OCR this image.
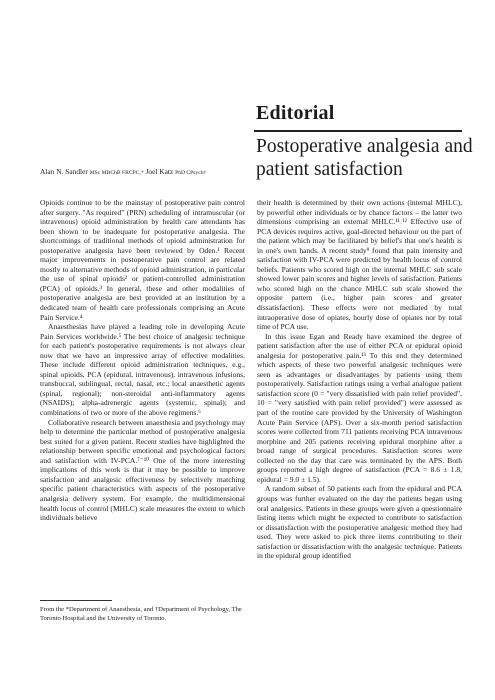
Editorial
Postoperative analgesia and patient satisfaction
Alan N. Sandler MSc MBChB FRCPC,* Joel Katz PhD CPsych†

Opioids continue to be the mainstay of postoperative pain control after surgery. "As required" (PRN) scheduling of intramuscular (or intravenous) opioid administration by health care attendants has been shown to be inadequate for postoperative analgesia. The shortcomings of traditional methods of opioid administration for postoperative analgesia have been reviewed by Oden.¹ Recent major improvements in postoperative pain control are related mostly to alternative methods of opioid administration, in particular the use of spinal opioids² or patient-controlled administration (PCA) of opioids.³ In general, these and other modalities of postoperative analgesia are best provided at an institution by a dedicated team of health care professionals comprising an Acute Pain Service.⁴

Anaesthesias have played a leading role in developing Acute Pain Services worldwide.⁵ The best choice of analgesic technique for each patient's postoperative requirements is not always clear now that we have an impressive array of effective modalities. These include different opioid administration techniques, e.g., spinal opioids, PCA (epidural, intravenous), intravenous infusions, transbuccal, sublingual, rectal, nasal, etc.; local anaesthetic agents (spinal, regional); non-steroidal anti-inflammatory agents (NSAIDS); alpha-adrenergic agents (systemic, spinal); and combinations of two or more of the above regimens.⁶

Collaborative research between anaesthesia and psychology may help to determine the particular method of postoperative analgesia best suited for a given patient. Recent studies have highlighted the relationship between specific emotional and psychological factors and satisfaction with IV-PCA.⁷⁻¹⁰ One of the more interesting implications of this work is that it may be possible to improve satisfaction and analgesic effectiveness by selectively matching specific patient characteristics with aspects of the postoperative analgesia delivery system. For example, the multidimensional health locus of control (MHLC) scale measures the extent to which individuals believe

their health is determined by their own actions (internal MHLC), by powerful other individuals or by chance factors – the latter two dimensions comprising an external MHLC.¹¹˒¹² Effective use of PCA devices requires active, goal-directed behaviour on the part of the patient which may be facilitated by belief's that one's health is in one's own hands. A recent study⁹ found that pain intensity and satisfaction with IV-PCA were predicted by health locus of control beliefs. Patients who scored high on the internal MHLC sub scale showed lower pain scores and higher levels of satisfaction. Patients who scored high on the chance MHLC sub scale showed the opposite pattern (i.e., higher pain scores and greater dissatisfaction). These effects were not mediated by total intraoperative dose of opiates, hourly dose of opiates nor by total time of PCA use.

In this issue Egan and Ready have examined the degree of patient satisfaction after the use of either PCA or epidural opioid analgesia for postoperative pain.¹³ To this end they determined which aspects of these two powerful analgesic techniques were seen as advantages or disadvantages by patients using them postoperatively. Satisfaction ratings using a verbal analogue patient satisfaction score (0 = "very dissatisfied with pain relief provided", 10 = "very satisfied with pain relief provided") were assessed as part of the routine care provided by the University of Washington Acute Pain Service (APS). Over a six-month period satisfaction scores were collected from 711 patients receiving PCA intravenous morphine and 205 patients receiving epidural morphine after a broad range of surgical procedures. Satisfaction scores were collected on the day that care was terminated by the APS. Both groups reported a high degree of satisfaction (PCA = 8.6 ± 1.8, epidural = 9.0 ± 1.5).

A random subset of 50 patients each from the epidural and PCA groups was further evaluated on the day the patients began using oral analgesics. Patients in these groups were given a questionnaire listing items which might be expected to contribute to satisfaction or dissatisfaction with the postoperative analgesic method they had used. They were asked to pick three items contributing to their satisfaction or dissatisfaction with the analgesic technique. Patients in the epidural group identified

From the *Department of Anaesthesia, and †Department of Psychology, The Toronto Hospital and the University of Toronto.
